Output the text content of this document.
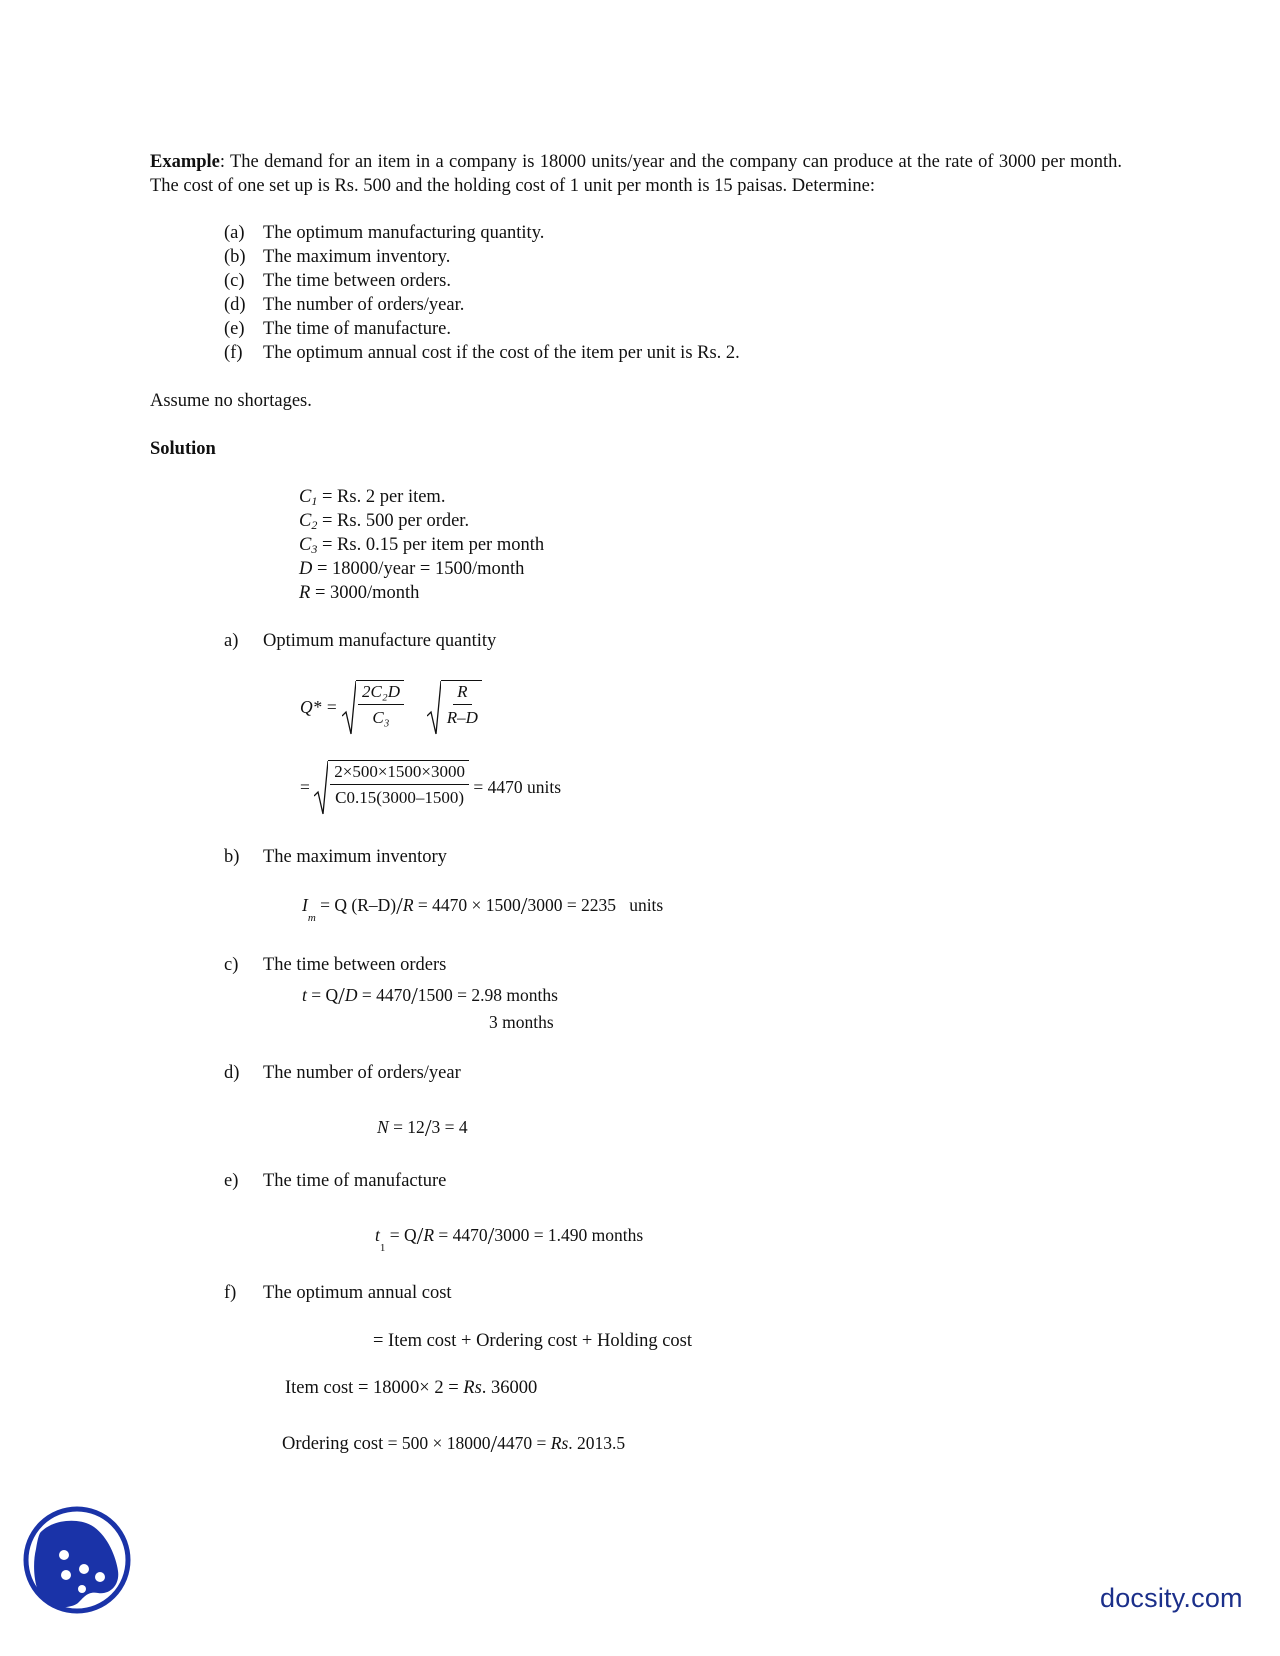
Example: The demand for an item in a company is 18000 units/year and the company can produce at the rate of 3000 per month. The cost of one set up is Rs. 500 and the holding cost of 1 unit per month is 15 paisas. Determine:
(a) The optimum manufacturing quantity.
(b) The maximum inventory.
(c) The time between orders.
(d) The number of orders/year.
(e) The time of manufacture.
(f) The optimum annual cost if the cost of the item per unit is Rs. 2.
Assume no shortages.
Solution
$C_1 = Rs$. 2 per item.
$C_2 = Rs$. 500 per order.
$C_3 = Rs$. 0.15 per item per month
D = 18000/year = 1500/month
R = 3000/month
a) Optimum manufacture quantity
$Q* = \frac{\text{2C₂D}}{\text{C₃}}$
$\frac{R}{R-D}$
= $\frac{2\times 500\times 1500\times 3000}{C0.15(3000-1500)} = 4470$ units
b) The maximum inventory
$I_m = Q$ (R–D)/R = 4470 × 1500/3000 = 2235 units
c) The time between orders
t = Q/D = 4470/1500 = 2.98 months
3 months
d) The number of orders/year
N = 12/3 = 4
e) The time of manufacture
$t_1 = Q/R = 4470/3000 = 1.490$ months
f) The optimum annual cost
= Item cost + Ordering cost + Holding cost
Item cost = 18000× 2 = Rs. 36000
Ordering cost = 500 × 18000/4470 = Rs. 2013.5
docsity.com
